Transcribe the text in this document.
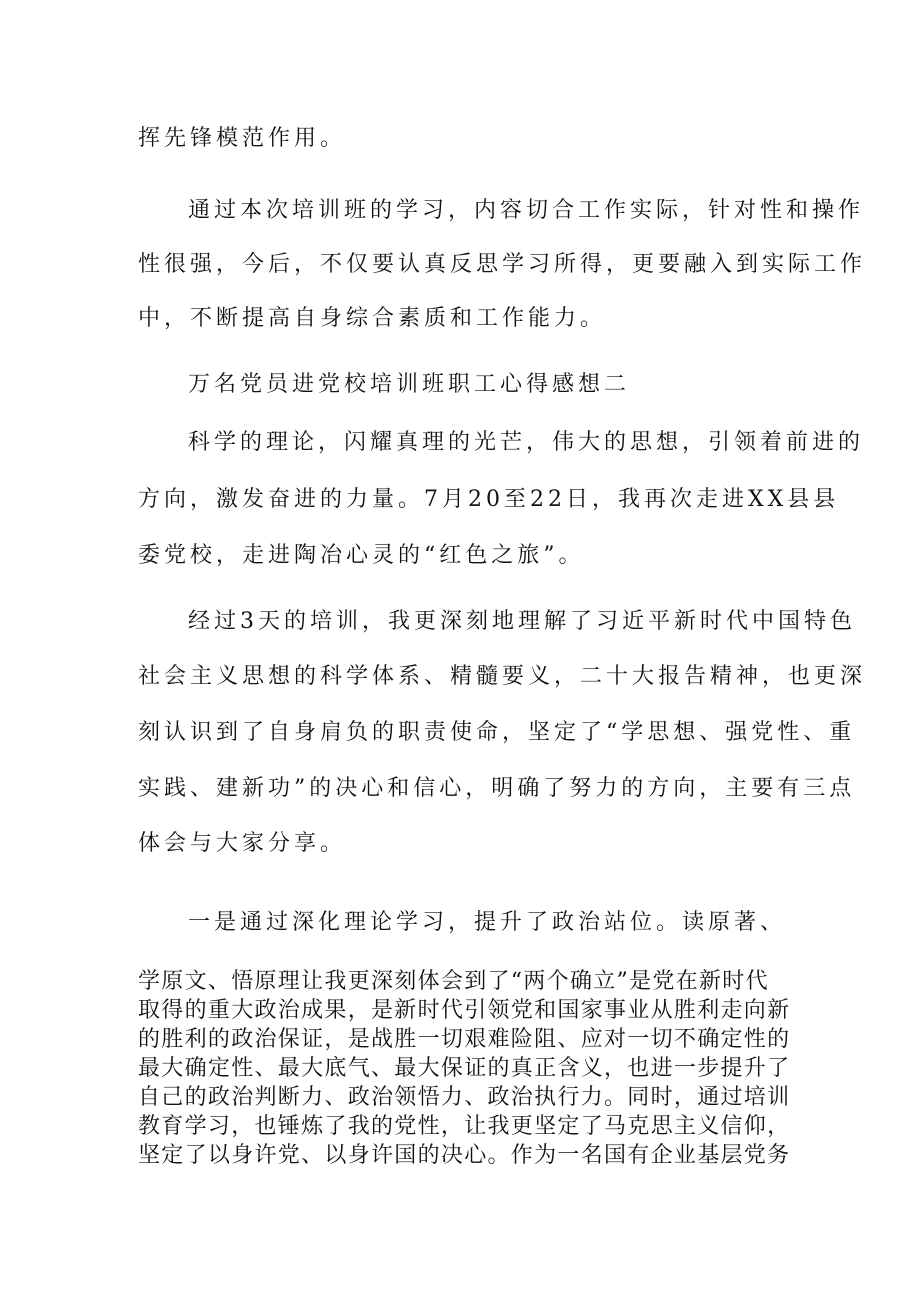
挥先锋模范作用。
通过本次培训班的学习，内容切合工作实际，针对性和操作
性很强，今后，不仅要认真反思学习所得，更要融入到实际工作
中，不断提高自身综合素质和工作能力。
万名党员进党校培训班职工心得感想二
科学的理论，闪耀真理的光芒，伟大的思想，引领着前进的
方向，激发奋进的力量。7月20至22日，我再次走进XX县县
委党校，走进陶冶心灵的“红色之旅”。
经过3天的培训，我更深刻地理解了习近平新时代中国特色
社会主义思想的科学体系、精髓要义，二十大报告精神，也更深
刻认识到了自身肩负的职责使命，坚定了“学思想、强党性、重
实践、建新功”的决心和信心，明确了努力的方向，主要有三点
体会与大家分享。
一是通过深化理论学习，提升了政治站位。读原著、
学原文、悟原理让我更深刻体会到了“两个确立”是党在新时代
取得的重大政治成果，是新时代引领党和国家事业从胜利走向新
的胜利的政治保证，是战胜一切艰难险阻、应对一切不确定性的
最大确定性、最大底气、最大保证的真正含义，也进一步提升了
自己的政治判断力、政治领悟力、政治执行力。同时，通过培训
教育学习，也锤炼了我的党性，让我更坚定了马克思主义信仰，
坚定了以身许党、以身许国的决心。作为一名国有企业基层党务
